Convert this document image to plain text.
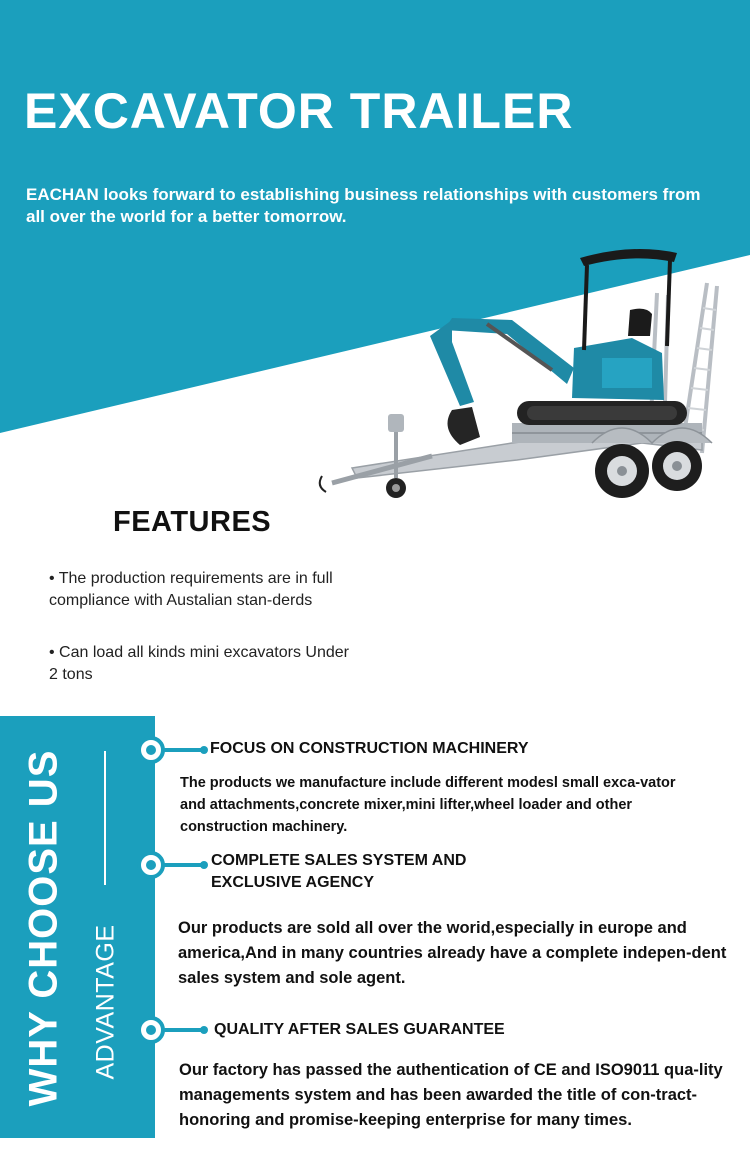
EXCAVATOR TRAILER

EACHAN looks forward to establishing business relationships with customers from all over the world for a better tomorrow.

FEATURES

• The production requirements are in full compliance with Austalian stan-derds

• Can load all kinds mini excavators Under 2 tons

WHY CHOOSE US ADVANTAGE
FOCUS ON CONSTRUCTION MACHINERY

The products we manufacture include different modesl small exca-vator and attachments,concrete mixer,mini lifter,wheel loader and other construction machinery.

COMPLETE SALES SYSTEM AND EXCLUSIVE AGENCY

Our products are sold all over the worid,especially in europe and america,And in many countries already have a complete indepen-dent sales system and sole agent.

QUALITY AFTER SALES GUARANTEE

Our factory has passed the authentication of CE and ISO9011 qua-lity managements system and has been awarded the title of con-tract-honoring and promise-keeping enterprise for many times.
